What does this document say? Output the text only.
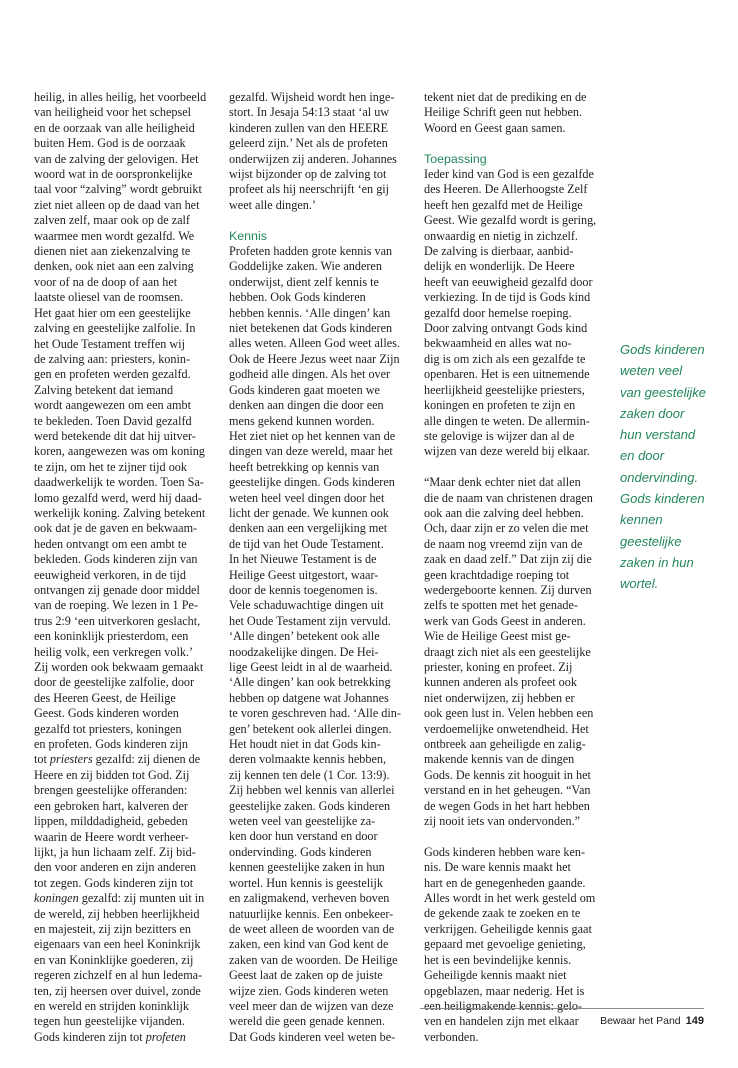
heilig, in alles heilig, het voorbeeld
van heiligheid voor het schepsel
en de oorzaak van alle heiligheid
buiten Hem. God is de oorzaak
van de zalving der gelovigen. Het
woord wat in de oorspronkelijke
taal voor “zalving” wordt gebruikt
ziet niet alleen op de daad van het
zalven zelf, maar ook op de zalf
waarmee men wordt gezalfd. We
dienen niet aan ziekenzalving te
denken, ook niet aan een zalving
voor of na de doop of aan het
laatste oliesel van de roomsen.
Het gaat hier om een geestelijke
zalving en geestelijke zalfolie. In
het Oude Testament treffen wij
de zalving aan: priesters, konin-
gen en profeten werden gezalfd.
Zalving betekent dat iemand
wordt aangewezen om een ambt
te bekleden. Toen David gezalfd
werd betekende dit dat hij uitver-
koren, aangewezen was om koning
te zijn, om het te zijner tijd ook
daadwerkelijk te worden. Toen Sa-
lomo gezalfd werd, werd hij daad-
werkelijk koning. Zalving betekent
ook dat je de gaven en bekwaam-
heden ontvangt om een ambt te
bekleden. Gods kinderen zijn van
eeuwigheid verkoren, in de tijd
ontvangen zij genade door middel
van de roeping. We lezen in 1 Pe-
trus 2:9 ‘een uitverkoren geslacht,
een koninklijk priesterdom, een
heilig volk, een verkregen volk.’
Zij worden ook bekwaam gemaakt
door de geestelijke zalfolie, door
des Heeren Geest, de Heilige
Geest. Gods kinderen worden
gezalfd tot priesters, koningen
en profeten. Gods kinderen zijn
tot priesters gezalfd: zij dienen de
Heere en zij bidden tot God. Zij
brengen geestelijke offeranden:
een gebroken hart, kalveren der
lippen, milddadigheid, gebeden
waarin de Heere wordt verheer-
lijkt, ja hun lichaam zelf. Zij bid-
den voor anderen en zijn anderen
tot zegen. Gods kinderen zijn tot
koningen gezalfd: zij munten uit in
de wereld, zij hebben heerlijkheid
en majesteit, zij zijn bezitters en
eigenaars van een heel Koninkrijk
en van Koninklijke goederen, zij
regeren zichzelf en al hun ledema-
ten, zij heersen over duivel, zonde
en wereld en strijden koninklijk
tegen hun geestelijke vijanden.
Gods kinderen zijn tot profeten

gezalfd. Wijsheid wordt hen inge-
stort. In Jesaja 54:13 staat ‘al uw
kinderen zullen van den HEERE
geleerd zijn.’ Net als de profeten
onderwijzen zij anderen. Johannes
wijst bijzonder op de zalving tot
profeet als hij neerschrijft ‘en gij
weet alle dingen.’

Kennis

Profeten hadden grote kennis van
Goddelijke zaken. Wie anderen
onderwijst, dient zelf kennis te
hebben. Ook Gods kinderen
hebben kennis. ‘Alle dingen’ kan
niet betekenen dat Gods kinderen
alles weten. Alleen God weet alles.
Ook de Heere Jezus weet naar Zijn
godheid alle dingen. Als het over
Gods kinderen gaat moeten we
denken aan dingen die door een
mens gekend kunnen worden.
Het ziet niet op het kennen van de
dingen van deze wereld, maar het
heeft betrekking op kennis van
geestelijke dingen. Gods kinderen
weten heel veel dingen door het
licht der genade. We kunnen ook
denken aan een vergelijking met
de tijd van het Oude Testament.
In het Nieuwe Testament is de
Heilige Geest uitgestort, waar-
door de kennis toegenomen is.
Vele schaduwachtige dingen uit
het Oude Testament zijn vervuld.
‘Alle dingen’ betekent ook alle
noodzakelijke dingen. De Hei-
lige Geest leidt in al de waarheid.
‘Alle dingen’ kan ook betrekking
hebben op datgene wat Johannes
te voren geschreven had. ‘Alle din-
gen’ betekent ook allerlei dingen.
Het houdt niet in dat Gods kin-
deren volmaakte kennis hebben,
zij kennen ten dele (1 Cor. 13:9).
Zij hebben wel kennis van allerlei
geestelijke zaken. Gods kinderen
weten veel van geestelijke za-
ken door hun verstand en door
ondervinding. Gods kinderen
kennen geestelijke zaken in hun
wortel. Hun kennis is geestelijk
en zaligmakend, verheven boven
natuurlijke kennis. Een onbekeer-
de weet alleen de woorden van de
zaken, een kind van God kent de
zaken van de woorden. De Heilige
Geest laat de zaken op de juiste
wijze zien. Gods kinderen weten
veel meer dan de wijzen van deze
wereld die geen genade kennen.
Dat Gods kinderen veel weten be-

tekent niet dat de prediking en de
Heilige Schrift geen nut hebben.
Woord en Geest gaan samen.

Toepassing

Ieder kind van God is een gezalfde
des Heeren. De Allerhoogste Zelf
heeft hen gezalfd met de Heilige
Geest. Wie gezalfd wordt is gering,
onwaardig en nietig in zichzelf.
De zalving is dierbaar, aanbid-
delijk en wonderlijk. De Heere
heeft van eeuwigheid gezalfd door
verkiezing. In de tijd is Gods kind
gezalfd door hemelse roeping.
Door zalving ontvangt Gods kind
bekwaamheid en alles wat no-
dig is om zich als een gezalfde te
openbaren. Het is een uitnemende
heerlijkheid geestelijke priesters,
koningen en profeten te zijn en
alle dingen te weten. De allermin-
ste gelovige is wijzer dan al de
wijzen van deze wereld bij elkaar.

“Maar denk echter niet dat allen
die de naam van christenen dragen
ook aan die zalving deel hebben.
Och, daar zijn er zo velen die met
de naam nog vreemd zijn van de
zaak en daad zelf.” Dat zijn zij die
geen krachtdadige roeping tot
wedergeboorte kennen. Zij durven
zelfs te spotten met het genade-
werk van Gods Geest in anderen.
Wie de Heilige Geest mist ge-
draagt zich niet als een geestelijke
priester, koning en profeet. Zij
kunnen anderen als profeet ook
niet onderwijzen, zij hebben er
ook geen lust in. Velen hebben een
verdoemelijke onwetendheid. Het
ontbreek aan geheiligde en zalig-
makende kennis van de dingen
Gods. De kennis zit hooguit in het
verstand en in het geheugen. “Van
de wegen Gods in het hart hebben
zij nooit iets van ondervonden.”

Gods kinderen hebben ware ken-
nis. De ware kennis maakt het
hart en de genegenheden gaande.
Alles wordt in het werk gesteld om
de gekende zaak te zoeken en te
verkrijgen. Geheiligde kennis gaat
gepaard met gevoelige genieting,
het is een bevindelijke kennis.
Geheiligde kennis maakt niet
opgeblazen, maar nederig. Het is
een heiligmakende kennis: gelo-
ven en handelen zijn met elkaar
verbonden.

Gods kinderen
weten veel
van geestelijke
zaken door
hun verstand
en door
ondervinding.
Gods kinderen
kennen
geestelijke
zaken in hun
wortel.
Bewaar het Pand 149
